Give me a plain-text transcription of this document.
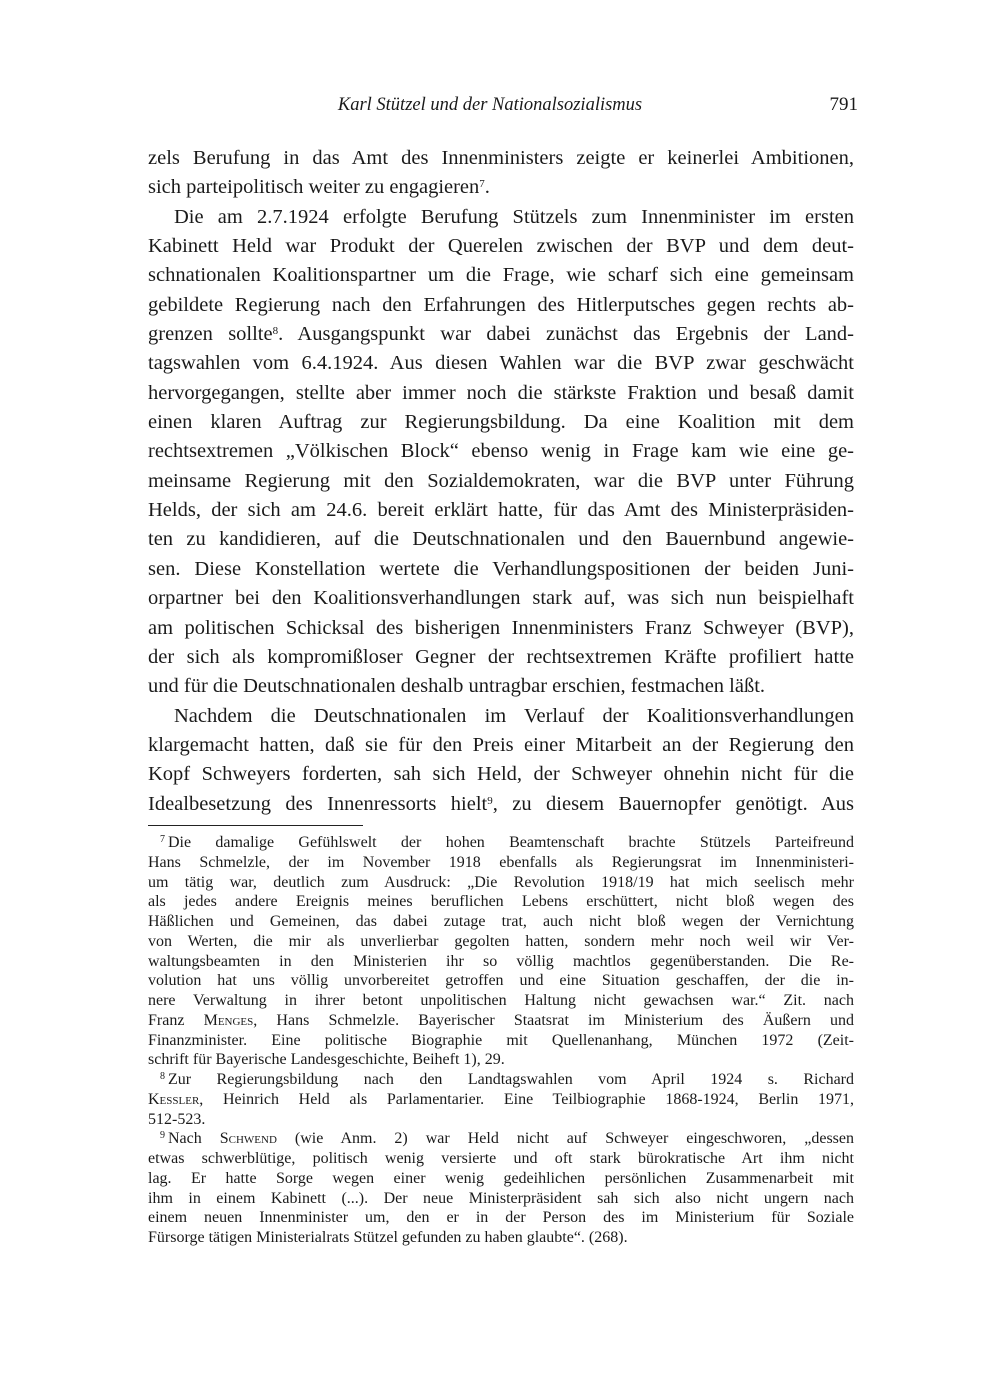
Karl Stützel und der Nationalsozialismus	791
zels Berufung in das Amt des Innenministers zeigte er keinerlei Ambitionen,
sich parteipolitisch weiter zu engagieren$^7$.
Die am 2.7.1924 erfolgte Berufung Stützels zum Innenminister im ersten
Kabinett Held war Produkt der Querelen zwischen der BVP und dem deut-
schnationalen Koalitionspartner um die Frage, wie scharf sich eine gemeinsam
gebildete Regierung nach den Erfahrungen des Hitlerputsches gegen rechts ab-
grenzen sollte$^8$. Ausgangspunkt war dabei zunächst das Ergebnis der Land-
tagswahlen vom 6.4.1924. Aus diesen Wahlen war die BVP zwar geschwächt
hervorgegangen, stellte aber immer noch die stärkste Fraktion und besaß damit
einen klaren Auftrag zur Regierungsbildung. Da eine Koalition mit dem
rechtsextremen „Völkischen Block“ ebenso wenig in Frage kam wie eine ge-
meinsame Regierung mit den Sozialdemokraten, war die BVP unter Führung
Helds, der sich am 24.6. bereit erklärt hatte, für das Amt des Ministerpräsiden-
ten zu kandidieren, auf die Deutschnationalen und den Bauernbund angewie-
sen. Diese Konstellation wertete die Verhandlungspositionen der beiden Juni-
orpartner bei den Koalitionsverhandlungen stark auf, was sich nun beispielhaft
am politischen Schicksal des bisherigen Innenministers Franz Schweyer (BVP),
der sich als kompromißloser Gegner der rechtsextremen Kräfte profiliert hatte
und für die Deutschnationalen deshalb untragbar erschien, festmachen läßt.
Nachdem die Deutschnationalen im Verlauf der Koalitionsverhandlungen
klargemacht hatten, daß sie für den Preis einer Mitarbeit an der Regierung den
Kopf Schweyers forderten, sah sich Held, der Schweyer ohnehin nicht für die
Idealbesetzung des Innenressorts hielt$^9$, zu diesem Bauernopfer genötigt. Aus
$^7$ Die damalige Gefühlswelt der hohen Beamtenschaft brachte Stützels Parteifreund
Hans Schmelzle, der im November 1918 ebenfalls als Regierungsrat im Innenministeri-
um tätig war, deutlich zum Ausdruck: „Die Revolution 1918/19 hat mich seelisch mehr
als jedes andere Ereignis meines beruflichen Lebens erschüttert, nicht bloß wegen des
Häßlichen und Gemeinen, das dabei zutage trat, auch nicht bloß wegen der Vernichtung
von Werten, die mir als unverlierbar gegolten hatten, sondern mehr noch weil wir Ver-
waltungsbeamten in den Ministerien ihr so völlig machtlos gegenüberstanden. Die Re-
volution hat uns völlig unvorbereitet getroffen und eine Situation geschaffen, der die in-
nere Verwaltung in ihrer betont unpolitischen Haltung nicht gewachsen war.“ Zit. nach
Franz Menges, Hans Schmelzle. Bayerischer Staatsrat im Ministerium des Äußern und
Finanzminister. Eine politische Biographie mit Quellenanhang, München 1972 (Zeit-
schrift für Bayerische Landesgeschichte, Beiheft 1), 29.
$^8$ Zur Regierungsbildung nach den Landtagswahlen vom April 1924 s. Richard
Keßler, Heinrich Held als Parlamentarier. Eine Teilbiographie 1868-1924, Berlin 1971,
512-523.
$^9$ Nach Schwend (wie Anm. 2) war Held nicht auf Schweyer eingeschworen, „dessen
etwas schwerblütige, politisch wenig versierte und oft stark bürokratische Art ihm nicht
lag. Er hatte Sorge wegen einer wenig gedeihlichen persönlichen Zusammenarbeit mit
ihm in einem Kabinett (...). Der neue Ministerpräsident sah sich also nicht ungern nach
einem neuen Innenminister um, den er in der Person des im Ministerium für Soziale
Fürsorge tätigen Ministerialrats Stützel gefunden zu haben glaubte“. (268).
